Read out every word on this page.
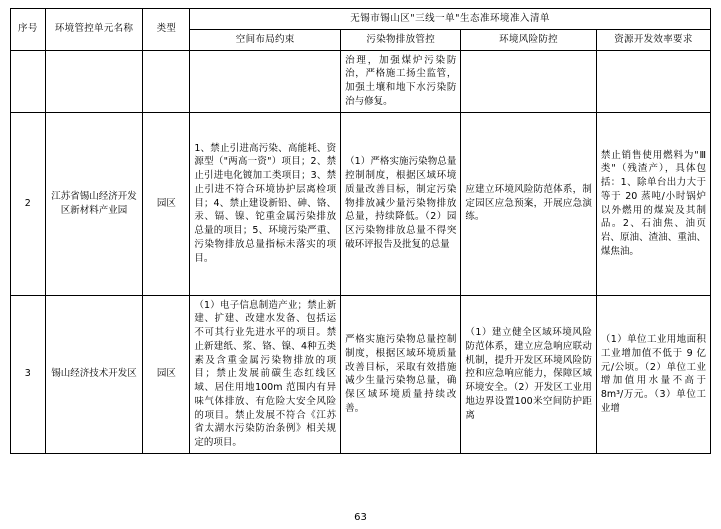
序号	环境管控单元名称	类型	无锡市锡山区"三线一单"生态准环境准入清单			
			空间布局约束	污染物排放管控	环境风险防控	资源开发效率要求
				治理，加强煤炉污染防治，严格施工扬尘监管，加强土壤和地下水污染防治与修复。		
2	江苏省锡山经济开发区新材料产业园	园区	1、禁止引进高污染、高能耗、资源型（"两高一资"）项目；2、禁止引进电化镀加工类项目；3、禁止引进不符合环境协护层离检项目；4、禁止建设新铅、砷、铬、汞、镉、镍、铊重金属污染排放总量的项目；5、环境污染严重、污染物排放总量指标未落实的项目。	（1）严格实施污染物总量控制制度，根据区域环境质量改善目标，制定污染物排放减少量污染物排放总量，持续降低。（2）园区污染物排放总量不得突破环评报告及批复的总量	应建立环境风险防范体系，制定园区应急预案，开展应急演练。	禁止销售使用燃料为"Ⅲ类"（残渣产），具体包括：1、除单台出力大于等于 20 蒸吨/小时锅炉以外燃用的煤炭及其制品。2、石油焦、油页岩、原油、渣油、重油、煤焦油。
3	锡山经济技术开发区	园区	（1）电子信息制造产业；禁止新建、扩建、改建水发备、包括运不可其行业先进水平的项目。禁止新建纸、浆、铬、镍、4种五类素及含重金属污染物排放的项目；禁止发展前碳生态红线区域、居住用地100m 范围内有异味气体排放、有危险大安全风险的项目。禁止发展不符合《江苏省太湖水污染防治条例》相关规定的项目。	严格实施污染物总量控制制度，根据区域环境质量改善目标，采取有效措施减少生量污染物总量，确保区域环境质量持续改善。	（1）建立健全区域环境风险防范体系，建立应急响应联动机制，提升开发区环境风险防控和应急响应能力，保障区域环境安全。（2）开发区工业用地边界设置100米空间防护距离	（1）单位工业用地面积工业增加值不低于 9 亿元/公顷。（2）单位工业增加值用水量不高于8m³/万元。（3）单位工业增
63
